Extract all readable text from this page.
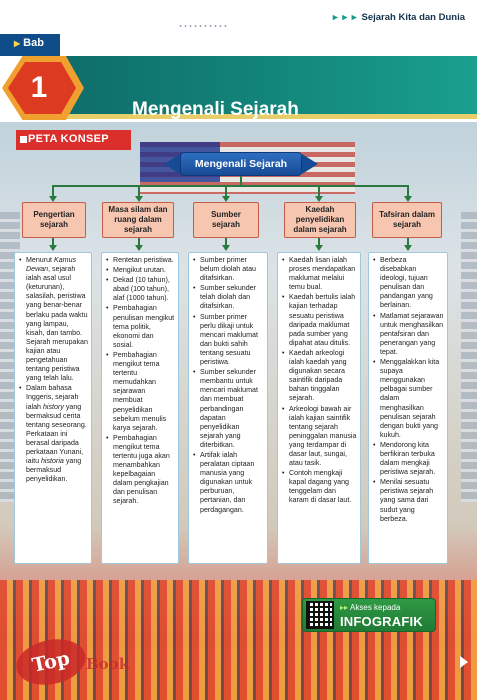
▸ ▸ ▸ Sejarah Kita dan Dunia
▶ Bab
1
Mengenali Sejarah
PETA KONSEP
Mengenali Sejarah
Pengertian sejarah
Masa silam dan ruang dalam sejarah
Sumber sejarah
Kaedah penyelidikan dalam sejarah
Tafsiran dalam sejarah
• Menurut Kamus Dewan, sejarah ialah asal usul (keturunan), salasilah, peristiwa yang benar-benar berlaku pada waktu yang lampau, kisah, dan tambo. Sejarah merupakan kajian atau pengetahuan tentang peristiwa yang telah lalu.
• Dalam bahasa Inggeris, sejarah ialah history yang bermaksud cerita tentang seseorang. Perkataan ini berasal daripada perkataan Yunani, iaitu historia yang bermaksud penyelidikan.
• Rentetan peristiwa.
• Mengikut urutan.
• Dekad (10 tahun), abad (100 tahun), alaf (1000 tahun).
• Pembahagian penulisan mengikut tema politik, ekonomi dan sosial.
• Pembahagian mengikut tema tertentu memudahkan sejarawan membuat penyelidikan sebelum menulis karya sejarah.
• Pembahagian mengikut tema tertentu juga akan menambahkan kepelbagaian dalam pengkajian dan penulisan sejarah.
• Sumber primer belum diolah atau ditafsirkan.
• Sumber sekunder telah diolah dan ditafsirkan.
• Sumber primer perlu dikaji untuk mencari maklumat dan bukti sahih tentang sesuatu peristiwa.
• Sumber sekunder membantu untuk mencari maklumat dan membuat perbandingan dapatan penyelidikan sejarah yang diterbitkan.
• Artifak ialah peralatan ciptaan manusia yang digunakan untuk perburuan, pertanian, dan perdagangan.
• Kaedah lisan ialah proses mendapatkan maklumat melalui temu bual.
• Kaedah bertulis ialah kajian terhadap sesuatu peristiwa daripada maklumat pada sumber yang dipahat atau ditulis.
• Kaedah arkeologi ialah kaedah yang digunakan secara saintifik daripada bahan tinggalan sejarah.
• Arkeologi bawah air ialah kajian saintifik tentang sejarah peninggalan manusia yang terdampar di dasar laut, sungai, atau tasik.
• Contoh mengkaji kapal dagang yang tenggelam dan karam di dasar laut.
• Berbeza disebabkan ideologi, tujuan penulisan dan pandangan yang berlainan.
• Matlamat sejarawan untuk menghasilkan pentafsiran dan penerangan yang tepat.
• Menggalakkan kita supaya menggunakan pelbagai sumber dalam menghasilkan penulisan sejarah dengan bukti yang kukuh.
• Mendorong kita berfikiran terbuka dalam mengkaji peristiwa sejarah.
• Menilai sesuatu peristiwa sejarah yang sama dari sudut yang berbeza.
▸▸ Akses kepada
INFOGRAFIK
Top Book
